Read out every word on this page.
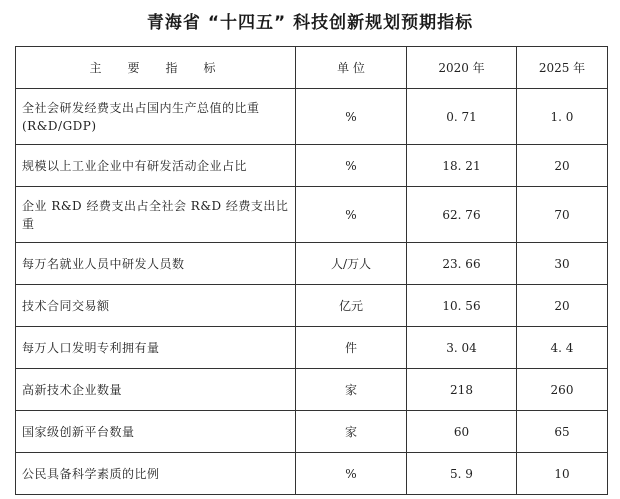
青海省 “十四五” 科技创新规划预期指标
主要指标	单 位	2020 年	2025 年
全社会研发经费支出占国内生产总值的比重(R&D/GDP)	%	0. 71	1. 0
规模以上工业企业中有研发活动企业占比	%	18. 21	20
企业 R&D 经费支出占全社会 R&D 经费支出比重	%	62. 76	70
每万名就业人员中研发人员数	人/万人	23. 66	30
技术合同交易额	亿元	10. 56	20
每万人口发明专利拥有量	件	3. 04	4. 4
高新技术企业数量	家	218	260
国家级创新平台数量	家	60	65
公民具备科学素质的比例	%	5. 9	10
